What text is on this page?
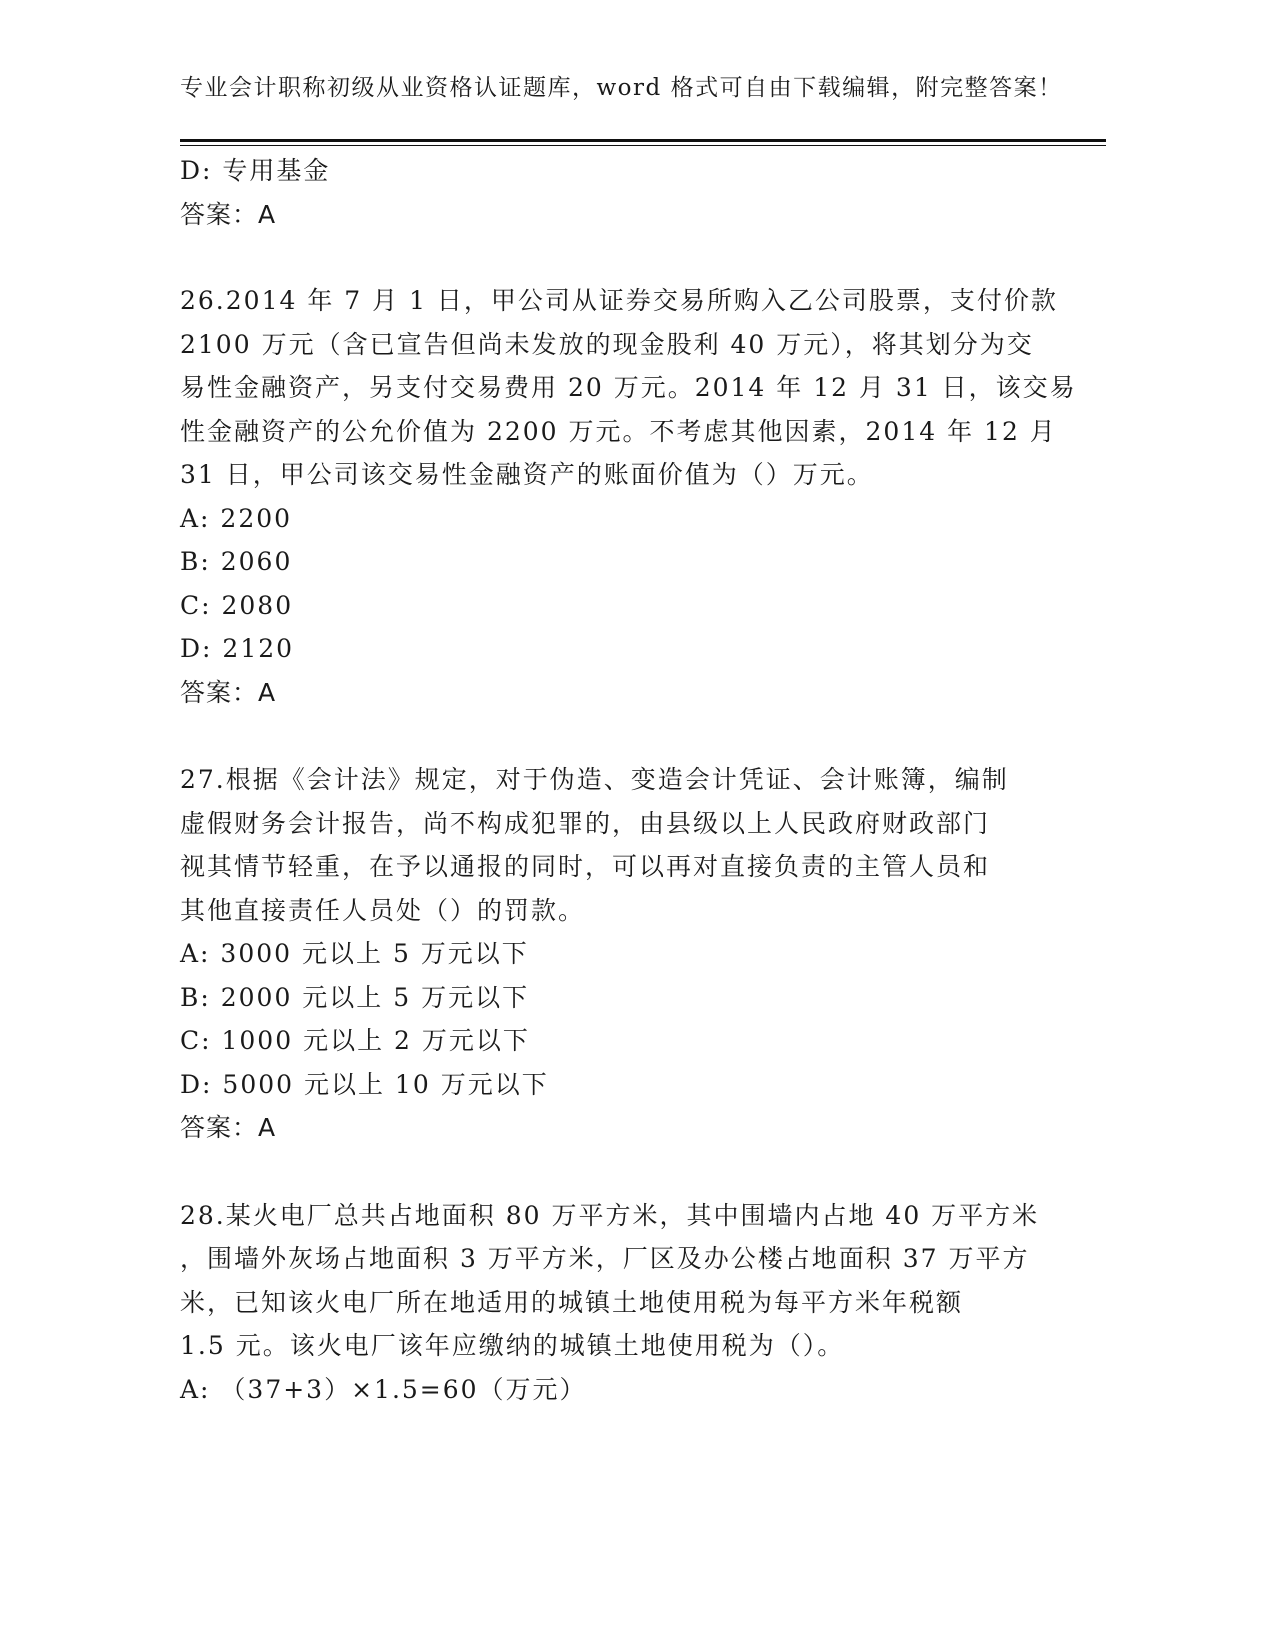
专业会计职称初级从业资格认证题库，word 格式可自由下载编辑，附完整答案！
D: 专用基金
答案：A
26.2014 年 7 月 1 日，甲公司从证券交易所购入乙公司股票，支付价款
2100 万元（含已宣告但尚未发放的现金股利 40 万元），将其划分为交
易性金融资产，另支付交易费用 20 万元。2014 年 12 月 31 日，该交易
性金融资产的公允价值为 2200 万元。不考虑其他因素，2014 年 12 月
31 日，甲公司该交易性金融资产的账面价值为（）万元。
A: 2200
B: 2060
C: 2080
D: 2120
答案：A
27.根据《会计法》规定，对于伪造、变造会计凭证、会计账簿，编制
虚假财务会计报告，尚不构成犯罪的，由县级以上人民政府财政部门
视其情节轻重，在予以通报的同时，可以再对直接负责的主管人员和
其他直接责任人员处（）的罚款。
A: 3000 元以上 5 万元以下
B: 2000 元以上 5 万元以下
C: 1000 元以上 2 万元以下
D: 5000 元以上 10 万元以下
答案：A
28.某火电厂总共占地面积 80 万平方米，其中围墙内占地 40 万平方米
，围墙外灰场占地面积 3 万平方米，厂区及办公楼占地面积 37 万平方
米，已知该火电厂所在地适用的城镇土地使用税为每平方米年税额
1.5 元。该火电厂该年应缴纳的城镇土地使用税为（）。
A: （37+3）×1.5=60（万元）
